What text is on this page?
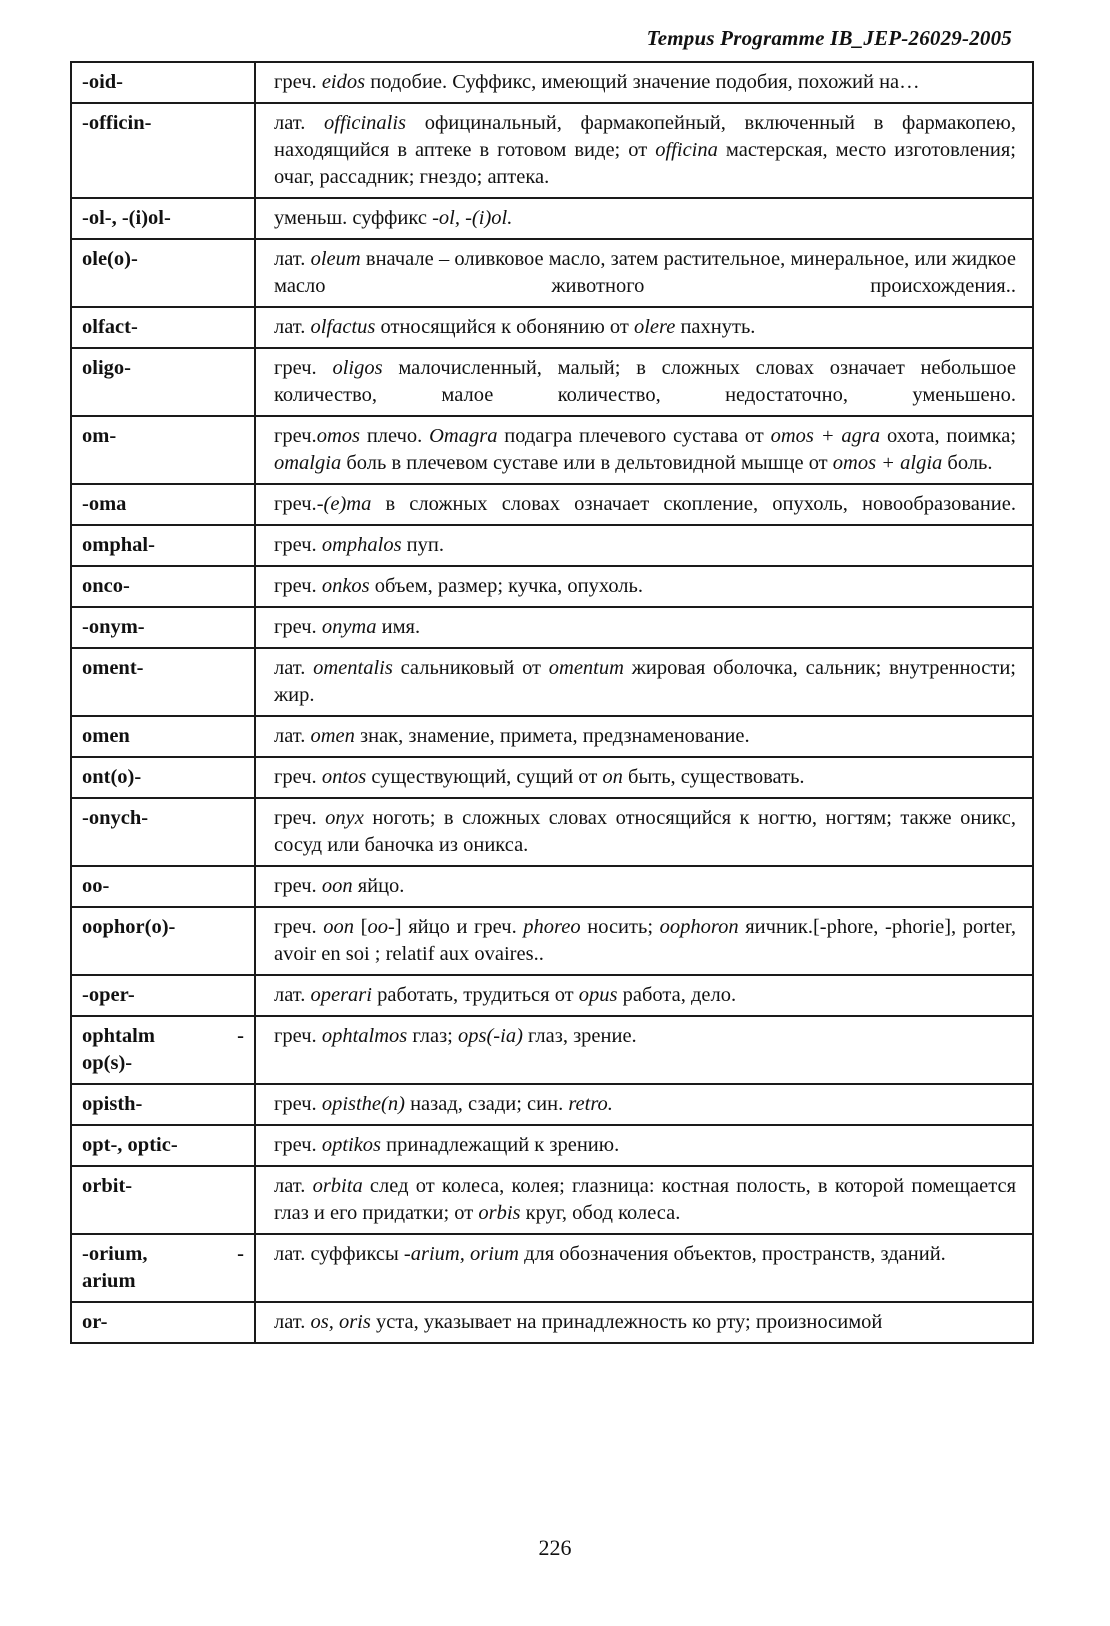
Tempus Programme IB_JEP-26029-2005
-oid-	греч. eidos подобие. Суффикс, имеющий значение подобия, похожий на…
-officin-	лат. officinalis официнальный, фармакопейный, включенный в фармакопею, находящийся в аптеке в готовом виде; от officina мастерская, место изготовления; очаг, рассадник; гнездо; аптека.
-ol-, -(i)ol-	уменьш. суффикс -ol, -(i)ol.
ole(o)-	лат. oleum вначале – оливковое масло, затем растительное, минеральное, или жидкое масло животного происхождения..
olfact-	лат. olfactus относящийся к обонянию от olere пахнуть.
oligo-	греч. oligos малочисленный, малый; в сложных словах означает небольшое количество, малое количество, недостаточно, уменьшено.
om-	греч.omos плечо. Omagra подагра плечевого сустава от omos + agra охота, поимка; omalgia боль в плечевом суставе или в дельтовидной мышце от omos + algia боль.
-oma	греч.-(e)ma в сложных словах означает скопление, опухоль, новообразование.
omphal-	греч. omphalos пуп.
onco-	греч. onkos объем, размер; кучка, опухоль.
-onym-	греч. onyma имя.
oment-	лат. omentalis сальниковый от omentum жировая оболочка, сальник; внутренности; жир.
omen	лат. omen знак, знамение, примета, предзнаменование.
ont(o)-	греч. ontos существующий, сущий от on быть, существовать.
-onych-	греч. onyx ноготь; в сложных словах относящийся к ногтю, ногтям; также оникс, сосуд или баночка из оникса.
oo-	греч. oon яйцо.
oophor(o)-	греч. oon [oo-] яйцо и греч. phoreo носить; oophoron яичник.[-phore, -phorie], porter, avoir en soi ; relatif aux ovaires..
-oper-	лат. operari работать, трудиться от opus работа, дело.

ophtalm -
op(s)-	греч. ophtalmos глаз; ops(-ia) глаз, зрение.
opisth-	греч. opisthe(n) назад, сзади; син. retro.
opt-, optic-	греч. optikos принадлежащий к зрению.
orbit-	лат. orbita след от колеса, колея; глазница: костная полость, в которой помещается глаз и его придатки; от orbis круг, обод колеса.

-orium, -
arium	лат. суффиксы -arium, orium для обозначения объектов, пространств, зданий.
or-	лат. os, oris уста, указывает на принадлежность ко рту; произносимой
226
